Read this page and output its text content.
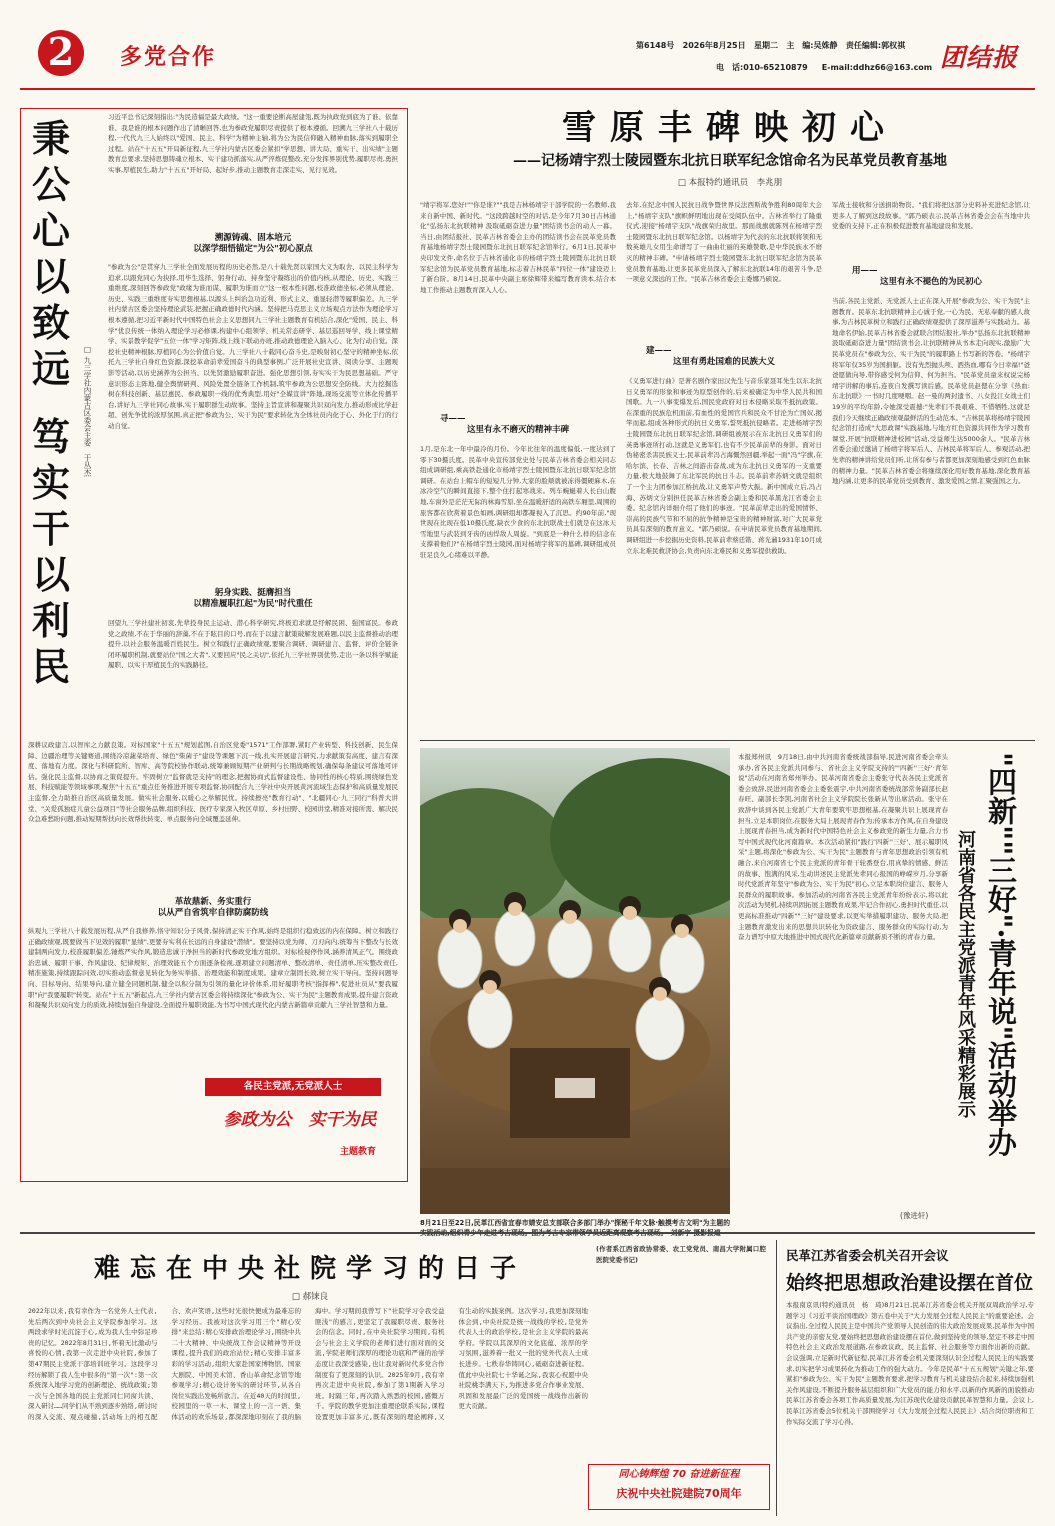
2	多党合作	第6148号 2026年8月25日 星期二 主　编:吴姝静 责任编辑:郭权祺
电　话:010-65210879 E-mail:ddhz66@163.com 团结报
秉
公
心
以
致
远
笃
实
干
以
利
民
□ 九三学社内蒙古区委会主委　于丛杰
习近平总书记深刻指出:"为民造福是最大政绩。"这一重要论断高屋建瓴,既为执政党到底为了谁、依靠谁、我是谁的根本问题作出了清晰回答,也为参政党履职尽责提供了根本遵循。回溯九三学社八十载历程,一代代九三人始终以"爱国、民主、科学"为精神主轴,将为公为民信仰融入精神血脉,落实到履职全过程。站在"十五五"开局新征程,九三学社内蒙古区委会紧扣"学思想、讲大局、重实干、出实绩"主题教育总要求,坚持思想铸魂立根本、实干建功抓落实,从严淬炼促整改,充分发挥界别优势,履职尽责,勇担实事,厚植民生,助力"十五五"开好局、起好步,推动主题教育走深走实、见行见效。
溯源铸魂、固本培元
以深学细悟锚定"为公"初心原点
"参政为公"是贯穿九三学社全面发展历程的历史必然,是八十载先贤以家国大义为取舍、以民主科学为追求,以跟党同心为抉择,用毕生选择、躬身行动、持身坚守凝练出的价值内核,从理论、历史、实践三重维度,深刻回答参政党"政缘为谁而谋、履职为谁而立"这一根本性问题,校准政德坐标,必须从理论、历史、实践三重维度夯实思想根基,以源头上纠治急功近利、形式主义、重显轻潜等履职偏差。九三学社内蒙古区委会坚持理论武装,把握正确政德时代内涵。坚持把马克思主义立场观点方法作为理论学习根本遵循,把习近平新时代中国特色社会主义思想同九三学社主题教育有机结合,深化"爱国、民主、科学"优良传统一体纳入理论学习必修课,构建中心组领学、机关常态研学、基层巡回导学、线上课堂精学、实景教学促学"五位一体"学习矩阵,线上线下联动办班,推动政德理论入脑入心、化为行动自觉。深挖社史精神根脉,厚植同心为公价值自觉。九三学社八十载同心奋斗史,是映射初心坚守的精神坐标,依托九三学社自身红色资源,深挖革命前辈爱国奋斗的典型事例,广泛开展社史宣讲、阅读分享、主题观影等活动,以历史涵养为公担当、以先贤激励履职奋进。强化思想引领,夯实实干为民思想基础。严守意识形态主阵地,健全舆情研判、风险处置全链条工作机制,筑牢参政为公思想安全防线。大力挖掘选树在科技创新、基层惠民、参政履职一线的优秀典型,用好"全媒宣讲"阵地,现场交流等立体化传播平台,讲好九三学社同心故事,实干履职群生动故事。坚持主旨宣讲和凝聚共识双向发力,推动形成比学赶超、创先争优的浓厚氛围,真正把"参政为公、实干为民"要求转化为全体社员内化于心、外化于行的行动自觉。
躬身实践、挺膺担当
以精准履职扛起"为民"时代重任
回望九三学社建社初衷,先辈投身民主运动、潜心科学研究,终极追求就是纾解民困、强国富民。参政党之政绩,不在于华丽的辞藻,不在于眩目的口号,而在于以建言献策破解发展难题,以民主监督推动治理提升,以社会服务温暖百姓民生。树立和践行正确政绩观,要聚合调研、调研建言、监督、评价全链条闭环履职机制,就要站位"国之大者",又要回应"民之关切",依托九三学社界别优势,走出一条以科学赋能履职、以实干厚植民生的实践路径。
深耕议政建言,以智库之力献良策。对标国家"十五五"规划蓝图,自治区党委"1571"工作部署,紧盯产业转型、科技创新、民生保障、边疆治理等关键赛道,围绕冷凉蔬菜培育、绿色"柴菌子"建设等课题下沉一线,扎实开展建言研究,力求献策有高度、建言有深度、落地有力度。深化与科研院所、智库、高等院校协作联动,统筹兼顾短期产业研判与长期战略规划,确保每条建议可落地可评估。强化民主监督,以协商之策促提升。牢固树立"监督就是支持"的理念,把握协商式监督建设性、协同性的核心特质,围绕绿色发展、科技赋能等领域事项,聚焦"十五五"重点任务推进开展专项监督,协同配合九三学社中央开展黄河流域生态保护和高质量发展民主监督,全力助推自治区高质量发展。做实社会服务,以暖心之举解民忧。持续擦亮"教育行动"、"北疆同心·九三同行"科普大讲堂、"关爱孤独症儿童公益项目"等社会服务品牌,组织科技、医疗专家深入牧区草原、乡村田野、校园讲堂,精准对接所需、解决民众急难愁盼问题,推动短期帮扶向长效帮扶转变、单点服务向全域覆盖延伸。
革故鼎新、务实重行
以从严自省筑牢自律防腐防线
纵观九三学社八十载发展历程,从严自我修养,恪守知识分子风骨,保持清正实干作风,始终是组织行稳致远的内在保障。树立和践行正确政绩观,既要做当下见效的履职"显绩",更要夯实利在长远的自身建设"潜绩"。要坚持以党为师、刀刃向内,统筹当下整改与长效建制两向发力,校准履职偏差,锤炼严实作风,锻造忠诚干净担当的新时代参政党地方组织。对标检视停作风,涵养清风正气。围绕政治忠诚、履职干事、作风建设、纪律规矩、治理效能五个方面逐条检视,逐项建立问题清单、整改清单、责任清单,压实整改责任,精准施策,持续跟踪问效,切实推动监督意见转化为务实举措、治理效能和制度成果。建章立制固长效,树立实干导向。坚持问题导向、目标导向、结果导向,建立健全同题机制,健全以积分制为引领的量化评价体系,用好履职考核"指挥棒",促进社员从"要我履职"向"我要履职"转变。站在"十五五"新起点,九三学社内蒙古区委会将持续深化"参政为公、实干为民"主题教育成果,提升建言资政和凝聚共识双向发力的质效,持续加强自身建设,全面提升履职效能,为书写中国式现代化内蒙古新篇章贡献九三学社智慧和力量。
各民主党派,无党派人士
参政为公　实干为民
主题教育
雪原丰碑映初心
——记杨靖宇烈士陵园暨东北抗日联军纪念馆命名为民革党员教育基地
□ 本报特约通讯员　李兆朋
"靖宇将军,您好!""你是谁?""我是吉林杨靖宇干部学院的一名教师,我来自新中国、新时代。"这段跨越时空的对话,是今年7月30日吉林通化"弘扬东北抗联精神 汲取砥砺奋进力量"团结读书会的动人一幕。当日,由团结报社、民革吉林省委会主办的团结读书会在民革党员教育基地杨靖宇烈士陵园暨东北抗日联军纪念馆举行。6月1日,民革中央印发文件,命名位于吉林省通化市的杨靖宇烈士陵园暨东北抗日联军纪念馆为民革党员教育基地,标志着吉林民革"四位一体"建设迈上了新台阶。8月14日,民革中央副主席徐辉带来编写教育读本,结合本地工作推动主题教育深入人心。
寻——
这里有永不磨灭的精神丰碑
1月,是东北一年中最冷的月份。今年比往年的温度偏低,一度达到了零下30摄氏度。民革中央宣传部党史处与民革吉林省委会相关同志组成调研组,乘高铁赴通化市杨靖宇烈士陵园暨东北抗日联军纪念馆调研。在站台上帽车的短短几分钟,大家的脸颊就被冻得僵硬麻木,在冰冷空气的瞬间直接下,整个住打起寒战来。列车蜿蜒着人长白山腹地,车窗外是茫茫无际的林海雪原,坐在温暖舒适的高铁车厢里,周围的旅客都在欣赏着景色如画,调研组却都凝视入了沉思。约90年前,"现世现在比现在低10摄氏度,缺衣少食的东北抗联战士们就是在这冰天雪地里与武装到牙齿的凶悍敌人周旋。"到底是一种什么样的信念在支撑着他们?"在杨靖宇烈士陵园,面对杨靖宇将军的墓碑,调研组成员驻足良久,心绪难以平静。
去年,在纪念中国人民抗日战争暨世界反法西斯战争胜利80周年大会上,"杨靖宇支队"旗帜鲜明地出现在受阅队伍中。吉林省举行了隆重仪式,迎接"杨靖宇支队"战旗荣归故里。那面战旗就陈列在杨靖宇烈士陵园暨东北抗日联军纪念馆。以杨靖宇为代表的东北抗联将领和无数英雄儿女用生命谱写了一曲曲壮丽的英雄赞歌,是中华民族永不磨灭的精神丰碑。"申请杨靖宇烈士陵园暨东北抗日联军纪念馆为民革党员教育基地,让更多民革党员深入了解东北抗联14年的艰苦斗争,是一项意义深远的工作。"民革吉林省委会主委娜乃硕说。
建——
这里有勇赴国难的民族大义
《义勇军进行曲》是著名剧作家田汉先生与音乐家聂耳先生以东北抗日义勇军的形象和事迹为原型创作的,后来被确定为中华人民共和国国歌。九一八事变爆发后,国民党政府对日本侵略采取不抵抗政策。在深重的民族危机面前,有血性的爱国官兵和民众不甘沦为亡国奴,揭竿而起,组成各种形式的抗日义勇军,誓死抵抗侵略者。走进杨靖宇烈士陵园暨东北抗日联军纪念馆,调研组被展示在东北抗日义勇军们的英勇事迹所打动,这就是义勇军们,也有不少民革前辈的身影。面对日伪秘密杀害民族义士,民革前辈冯占海慨然回疆,举起一面"冯"字旗,在哈尔滨、长春、吉林之间游击奋战,成为东北抗日义勇军的一支重要力量,极大地鼓舞了东北军民的抗日斗志。民革前辈苏炳文就是组织了一个主力团参加江桥抗战,让义勇军声势大振。新中国成立后,冯占海、苏炳文分别担任民革吉林省委会副主委和民革黑龙江省委会主委。纪念馆内详细介绍了他们的事迹。"民革前辈走出的爱国情怀、崇高的民族气节和不屈的抗争精神是宝贵的精神财富,对广大民革党员具有深刻的教育意义。"郭乃硕说。在申请民革党员教育基地期间,调研组进一步挖掘历史资料,民革前辈蔡廷锴、蒋光鼐1931年10月成立东北难民救济协会,负责向东北难民和义勇军提供救助。
军战士接收和分送捐助物资。"我们将把这部分史料补充进纪念馆,让更多人了解到这段故事。"郭乃硕表示,民革吉林省委会会在当地中共党委的支持下,正在积极促进教育基地建设和发展。
用——
这里有永不褪色的为民初心
当前,各民主党派、无党派人士正在深入开展"参政为公、实干为民"主题教育。民革东北抗联精神主心诚于党,一心为民、无私奉献的感人故事,为吉林民革树立和践行正确政绩观提供了深厚滋养与实践动力。基地命名伊始,民革吉林省委会就联合团结报社,举办"弘扬东北抗联精神 汲取砥砺奋进力量"团结读书会,让抗联精神从书本走向现实,激励广大民革党员在"参政为公、实干为民"的履职路上书写新的答卷。"杨靖宇将军年仅35岁为国捐躯。没有先烈抛头颅、洒热血,哪有今日幸福!"爸爸愿做向导,带你感受何为信仰、何为担当。"民革党员童来权说完杨靖宇讲解的事后,连夜自发撰写读后感。民革党员赵偲在分享《热血:东北抗联》一书时几度哽咽。赵一曼的两封遗书、八女投江女战士们19岁的平均年龄,令她深受震撼:"先辈们不畏艰难、不惜牺牲,这就是我们今天继续正确政绩观最鲜活的生动范本。"吉林民革将杨靖宇陵园纪念馆打造成"大思政课"实践基地,与地方红色资源共同作为学习教育课堂,开展"抗联精神进校园"活动,受益师生达5000余人。"民革吉林省委会通过邀请了杨靖宇将军后人、吉林民革将军后人、参观活动,把先辈的精神讲给党员们听,让所有参与者都更加深刻地感受到红色血脉的精神力量。"民革吉林省委会将继续深化用好教育基地,深化教育基地内涵,让更多的民革党员受到教育、激发爱国之情,汇聚强国之力。
8月21日至22日,民革江西省宜春市婧安总支部联合多部门举办"探秘千年文脉·触摸考古文明"为主题的实践活动,组织青少年走进考古现场。图为考古专家带领学员近距离观察考古现场。　刘新宇 摄影报道
本报郑州讯　9月18日,由中共河南省委统战部指导,民进河南省委会牵头承办,省各民主党派共同参与、省社会主义学院支持的"'四新''三好'·青年说"活动在河南省郑州举办。民革河南省委会主委张守代表各民主党派省委会致辞,民进河南省委会主委张震宇,中共河南省委统战部常务副部长赵春旺、副部长李凯,河南省社会主义学院院长张新从等出席活动。张守在致辞中谈到各民主党派广大青年要筑牢思想根基,在凝聚共识上展现青春担当,立足本职岗位,在服务大局上展现青春作为;传承本方作风,在自身建设上展现青春担当,成为新时代中国特色社会主义参政党的新生力量,合力书写中国式现代化河南篇章。本次活动紧扣"践行'四新''三好'、展示履职风采"主题,将深化"参政为公、实干为民"主题教育与青年思想政治引领有机融合,来自河南省七个民主党派的青年骨干轮番登台,用真挚的情感、鲜活的故事、饱满的风采,生动讲述民主党派先辈同心报国的峥嵘岁月,分享新时代党派青年坚守"参政为公、实干为民"初心,立足本职岗位建言、服务人民群众的履职故事。参加活动的河南省各民主党派青年纷纷表示,将以此次活动为契机,持续巩固拓展主题教育成果,牢记合作初心,勇担时代重任,以更高标准推动"四新""三好"建设要求,以更实举措履职建功、服务大局,把主题教育激发出来的思想共识转化为资政建言、服务群众的实际行动,为奋力谱写中原大地推进中国式现代化新篇章贡献新质不断的青春力量。
(豫进轩)
"四新""三好"·青年说"活动举办
河南省各民主党派青年风采精彩展示
难忘在中央社院学习的日子
□ 郝铼良
2022年以来,我有幸作为一名党外人士代表,先后两次到中央社会主义学院参加学习。这两段求学时光沉淀于心,成为我人生中弥足珍贵的记忆。2022年8月31日,怀着无比激动与喜悦的心情,我第一次走进中央社院,参加了第47期民主党派干部培训班学习。这段学习经历解锁了我人生中很多的"第一次":第一次系统深入地学习党的创新理论、统战政策;第一次与全国各地的民主党派同仁同窗共读、深入研讨……同学们从不熟到逐步熟络,研讨时的深入交流、观点碰撞,活动场上的相互配合、欢声笑语,这些时光很快便成为最难忘的学习经历。我被对这次学习用三个"精心安排"来总结:精心安排政治理论学习,围绕中共二十大精神、中央统战工作会议精神等开设课程,提升我们的政治站位;精心安排丰富多彩的学习活动,组织大家赴国家博物馆、国家大剧院、中国美术馆、香山革命纪念馆等地参观学习;精心设计务实的研讨环节,从各自岗位实践出发畅所欲言。在近40天的时间里,校园里的一草一木、课堂上的一言一语、集体活动的欢乐场景,都深深地印刻在了我的脑海中。学习期间我曾写下"社院学习令我受益匪浅"的感言,更坚定了我履职尽责、服务社会的信念。同时,在中央社院学习期间,有机会与社会主义学院的老师们进行面对面的交流,学院老师们深厚的理论功底和严谨的治学态度让我深受感染,也让我对新时代多党合作制度有了更深刻的认识。2025年9月,我有幸再次走进中央社院,参加了第1期新入学习班。时隔三年,再次踏入熟悉的校园,感慨万千。学院的教学更加注重理论联系实际,课程设置更加丰富多元,既有深刻的理论阐释,又有生动的实践案例。这次学习,我更加深刻地体会到,中央社院是统一战线的学校,是党外代表人士的政治学校,是社会主义学院的最高学府。学院以其深厚的文化底蕴、浓厚的学习氛围,滋养着一批又一批的党外代表人士成长进步。七秩春华铸同心,砥砺奋进新征程。值此中央社院七十华诞之际,我衷心祝愿中央社院桃李满天下,为推进多党合作事业发展、巩固和发展最广泛的爱国统一战线作出新的更大贡献。
(作者系江西省政协常委、农工党党员、南昌大学附属口腔医院党委书记)
同心铸辉煌 70 奋进新征程
庆祝中央社院建院70周年
民革江苏省委会机关召开会议
始终把思想政治建设摆在首位
本报南京讯(特约通讯员　杨　琦)8月21日,民革江苏省委会机关开展双周政治学习,专题学习《习近平谈治国理政》第五卷中关于"大力发展全过程人民民主"的重要论述。会议指出,全过程人民民主是中国共产党领导人民创造的伟大政治发展成果,民革作为中国共产党的亲密友党,要始终把思想政治建设摆在首位,做到坚持党的领导,坚定不移走中国特色社会主义政治发展道路,在参政议政、民主监督、社会服务等方面作出新的贡献。会议强调,立足新时代新征程,民革江苏省委会机关要深刻认识全过程人民民主的实践要求,切实把学习成果转化为推动工作的强大动力。今年是民革"十五五规划"关键之年,要紧扣"参政为公、实干为民"主题教育要求,把学习教育与机关建设结合起来,持续加强机关作风建设,不断提升服务基层组织和广大党员的能力和水平,以新的作风新的面貌推动民革江苏省委会各项工作高质量发展,为江苏现代化建设贡献民革智慧和力量。会议上,民革江苏省委会5位机关干部围绕学习《大力发展全过程人民民主》,结合岗位职责和工作实际交流了学习心得。
